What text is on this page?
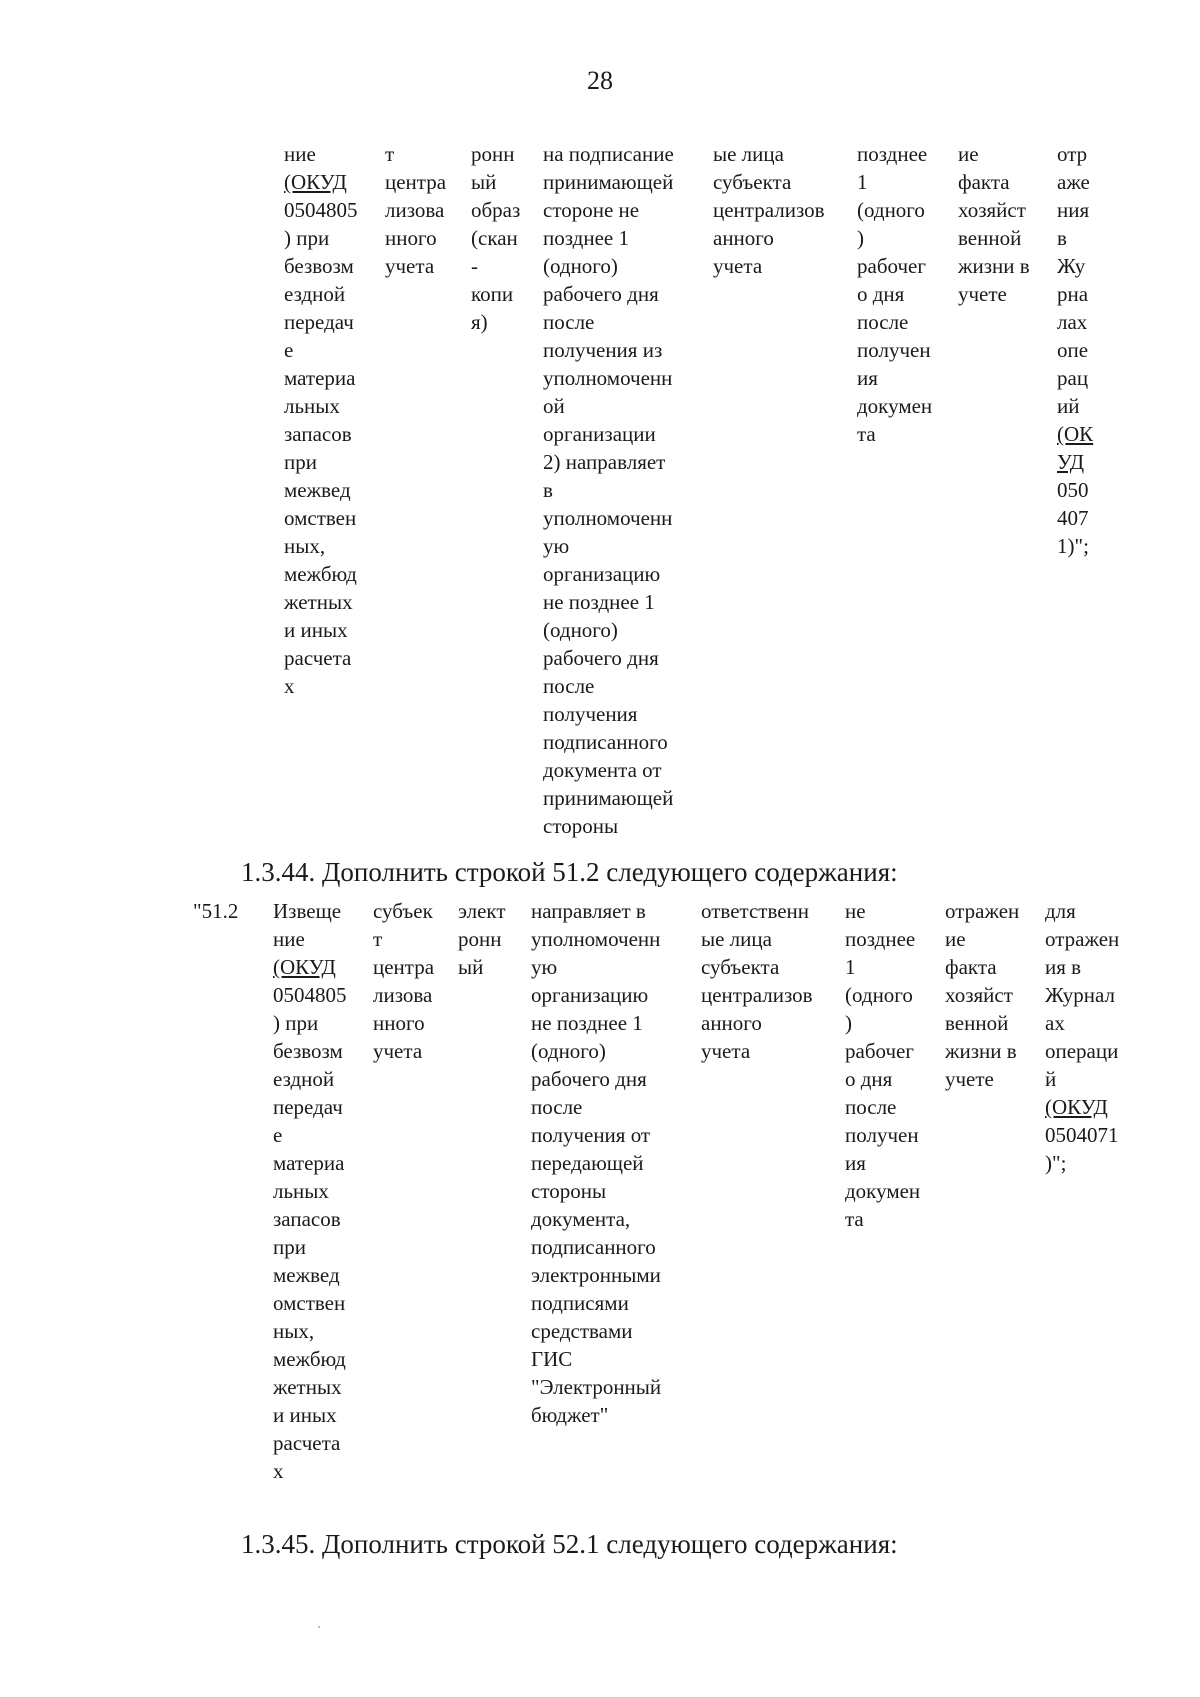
28
ние
(ОКУД
0504805
) при
безвозм
ездной
передач
е
материа
льных
запасов
при
межвед
омствен
ных,
межбюд
жетных
и иных
расчета
х
т
центра
лизова
нного
учета
ронн
ый
образ
(скан
-
копи
я)
на подписание
принимающей
стороне не
позднее 1
(одного)
рабочего дня
после
получения из
уполномоченн
ой
организации
2) направляет
в
уполномоченн
ую
организацию
не позднее 1
(одного)
рабочего дня
после
получения
подписанного
документа от
принимающей
стороны
ые лица
субъекта
централизов
анного
учета
позднее
1
(одного
)
рабочег
о дня
после
получен
ия
докумен
та
ие
факта
хозяйст
венной
жизни в
учете
отр
аже
ния
в
Жу
рна
лах
опе
рац
ий
(ОК
УД
050
407
1)";
1.3.44. Дополнить строкой 51.2 следующего содержания:
"51.2 Извеще
ние
(ОКУД
0504805
) при
безвозм
ездной
передач
е
материа
льных
запасов
при
межвед
омствен
ных,
межбюд
жетных
и иных
расчета
х
субъек
т
центра
лизова
нного
учета
элект
ронн
ый
направляет в
уполномоченн
ую
организацию
не позднее 1
(одного)
рабочего дня
после
получения от
передающей
стороны
документа,
подписанного
электронными
подписями
средствами
ГИС
"Электронный
бюджет"
ответственн
ые лица
субъекта
централизов
анного
учета
не
позднее
1
(одного
)
рабочег
о дня
после
получен
ия
докумен
та
отражен
ие
факта
хозяйст
венной
жизни в
учете
для
отражен
ия в
Журнал
ах
операци
й
(ОКУД
0504071
)";
1.3.45. Дополнить строкой 52.1 следующего содержания:
